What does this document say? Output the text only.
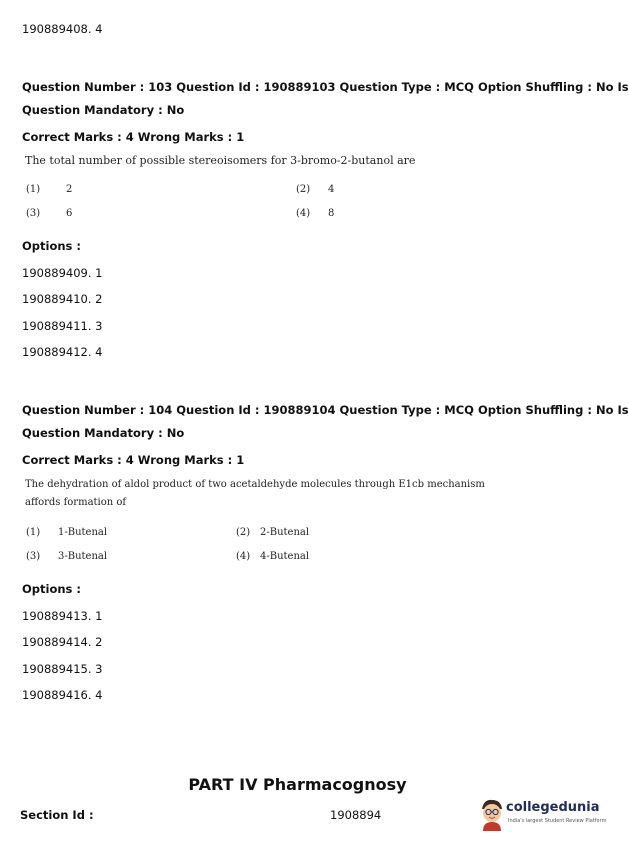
190889408. 4
Question Number : 103 Question Id : 190889103 Question Type : MCQ Option Shuffling : No Is
Question Mandatory : No
Correct Marks : 4 Wrong Marks : 1
The total number of possible stereoisomers for 3-bromo-2-butanol are
(1)	2	(2) 4
(3)	6	(4) 8
Options :
190889409. 1
190889410. 2
190889411. 3
190889412. 4
Question Number : 104 Question Id : 190889104 Question Type : MCQ Option Shuffling : No Is
Question Mandatory : No
Correct Marks : 4 Wrong Marks : 1
The dehydration of aldol product of two acetaldehyde molecules through E1cb mechanism
affords formation of
(1) 1-Butenal	(2) 2-Butenal
(3) 3-Butenal	(4) 4-Butenal
Options :
190889413. 1
190889414. 2
190889415. 3
190889416. 4
PART IV Pharmacognosy
Section Id :	1908894	collegedunia
India's largest Student Review Platform
